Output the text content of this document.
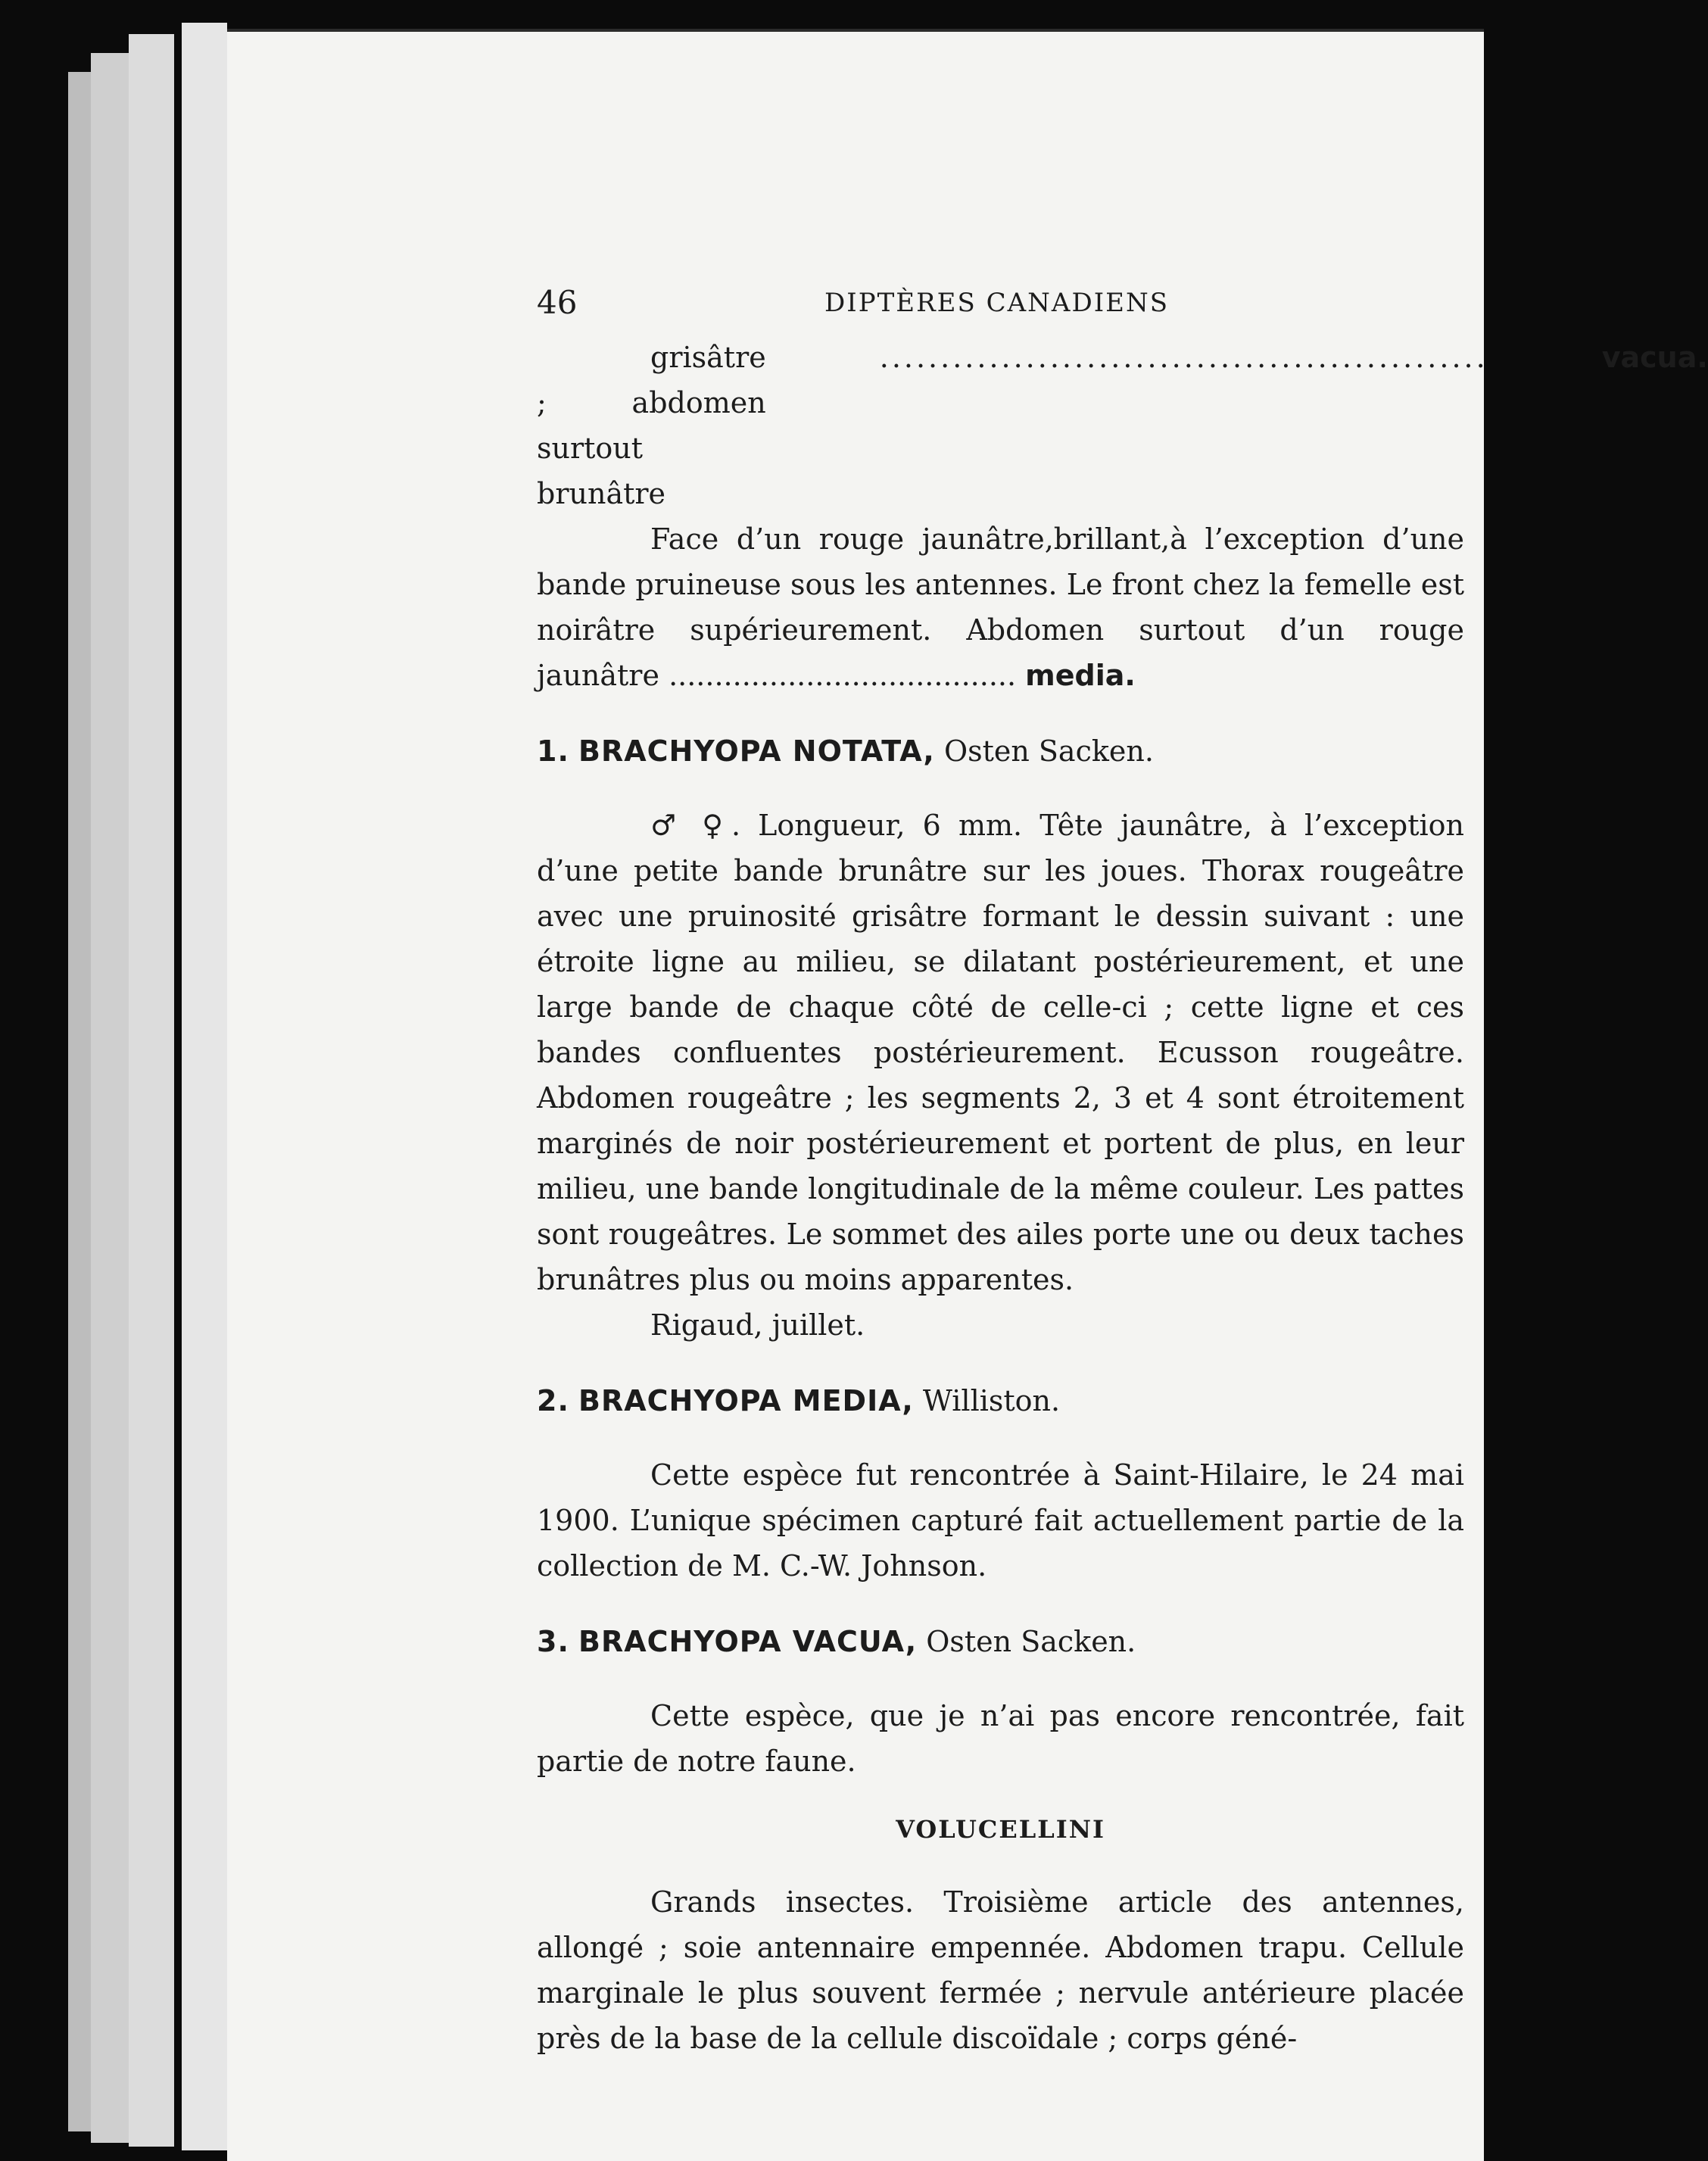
46	DIPTÈRES CANADIENS

grisâtre ; abdomen surtout brunâtre
..................................................	vacua.

Face d’un rouge jaunâtre,brillant,à l’exception d’une bande pruineuse sous les antennes. Le front chez la femelle est noirâtre supérieurement. Abdomen surtout d’un rouge jaunâtre ...................................... media.

1. BRACHYOPA NOTATA, Osten Sacken.

♂ ♀. Longueur, 6 mm. Tête jaunâtre, à l’exception d’une petite bande brunâtre sur les joues. Thorax rougeâtre avec une pruinosité grisâtre formant le dessin suivant : une étroite ligne au milieu, se dilatant postérieurement, et une large bande de chaque côté de celle-ci ; cette ligne et ces bandes confluentes postérieurement. Ecusson rougeâtre. Abdomen rougeâtre ; les segments 2, 3 et 4 sont étroitement marginés de noir postérieurement et portent de plus, en leur milieu, une bande longitudinale de la même couleur. Les pattes sont rougeâtres. Le sommet des ailes porte une ou deux taches brunâtres plus ou moins apparentes.

Rigaud, juillet.

2. BRACHYOPA MEDIA, Williston.

Cette espèce fut rencontrée à Saint-Hilaire, le 24 mai 1900. L’unique spécimen capturé fait actuellement partie de la collection de M. C.-W. Johnson.

3. BRACHYOPA VACUA, Osten Sacken.

Cette espèce, que je n’ai pas encore rencontrée, fait partie de notre faune.

VOLUCELLINI

Grands insectes. Troisième article des antennes, allongé ; soie antennaire empennée. Abdomen trapu. Cellule marginale le plus souvent fermée ; nervule antérieure placée près de la base de la cellule discoïdale ; corps géné-
